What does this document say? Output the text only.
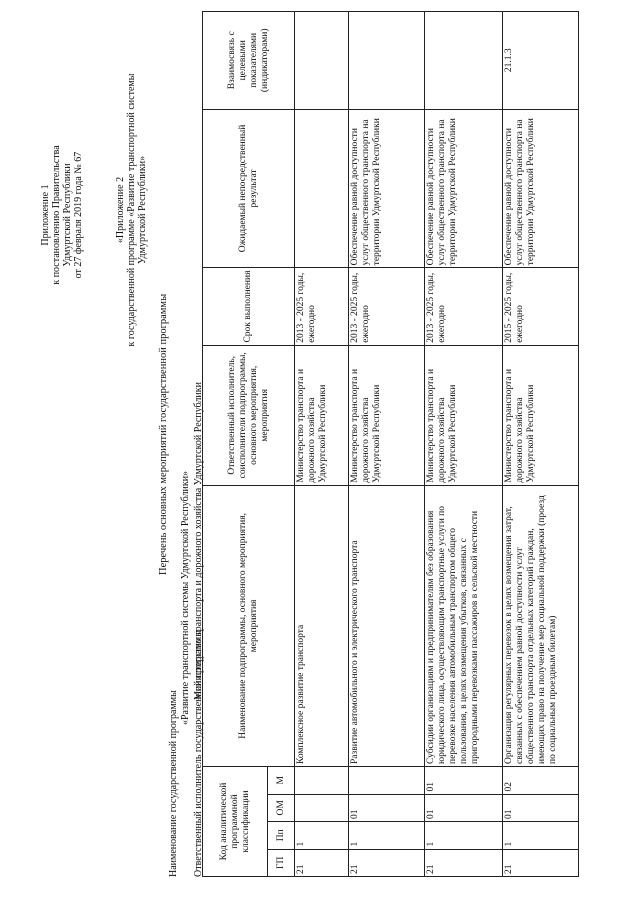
Приложение 1 к постановлению Правительства Удмуртской Республики от 27 февраля 2019 года № 67	«Приложение 2 к государственной программе «Развитие транспортной системы Удмуртской Республики»
Перечень основных мероприятий государственной программы
Наименование государственной программы
«Развитие транспортной системы Удмуртской Республики»
Ответственный исполнитель государственной программы
Министерство транспорта и дорожного хозяйства Удмуртской Республики
Код аналитической программной классификации				Наименование подпрограммы, основного мероприятия, мероприятия	Ответственный исполнитель, соисполнители подпрограммы, основного мероприятия, мероприятия	Срок выполнения	Ожидаемый непосредственный результат	Взаимосвязь с целевыми показателями (индикаторами)
ГП	Пп	ОМ	М					
21	1			Комплексное развитие транспорта	Министерство транспорта и дорожного хозяйства Удмуртской Республики	2013 - 2025 годы, ежегодно		
21	1	01		Развитие автомобильного и электрического транспорта	Министерство транспорта и дорожного хозяйства Удмуртской Республики	2013 - 2025 годы, ежегодно	Обеспечение равной доступности услуг общественного транспорта на территории Удмуртской Республики	
21	1	01	01	Субсидии организациям и предпринимателям без образования юридического лица, осуществляющим транспортные услуги по перевозке населения автомобильным транспортом общего пользования, в целях возмещения убытков, связанных с пригородными перевозками пассажиров в сельской местности	Министерство транспорта и дорожного хозяйства Удмуртской Республики	2013 - 2025 годы, ежегодно	Обеспечение равной доступности услуг общественного транспорта на территории Удмуртской Республики	
21	1	01	02	Организация регулярных перевозок в целях возмещения затрат, связанных с обеспечением равной доступности услуг общественного транспорта отдельных категорий граждан, имеющих право на получение мер социальной поддержки (проезд по социальным проездным билетам)	Министерство транспорта и дорожного хозяйства Удмуртской Республики	2015 - 2025 годы, ежегодно	Обеспечение равной доступности услуг общественного транспорта на территории Удмуртской Республики	21.1.3
